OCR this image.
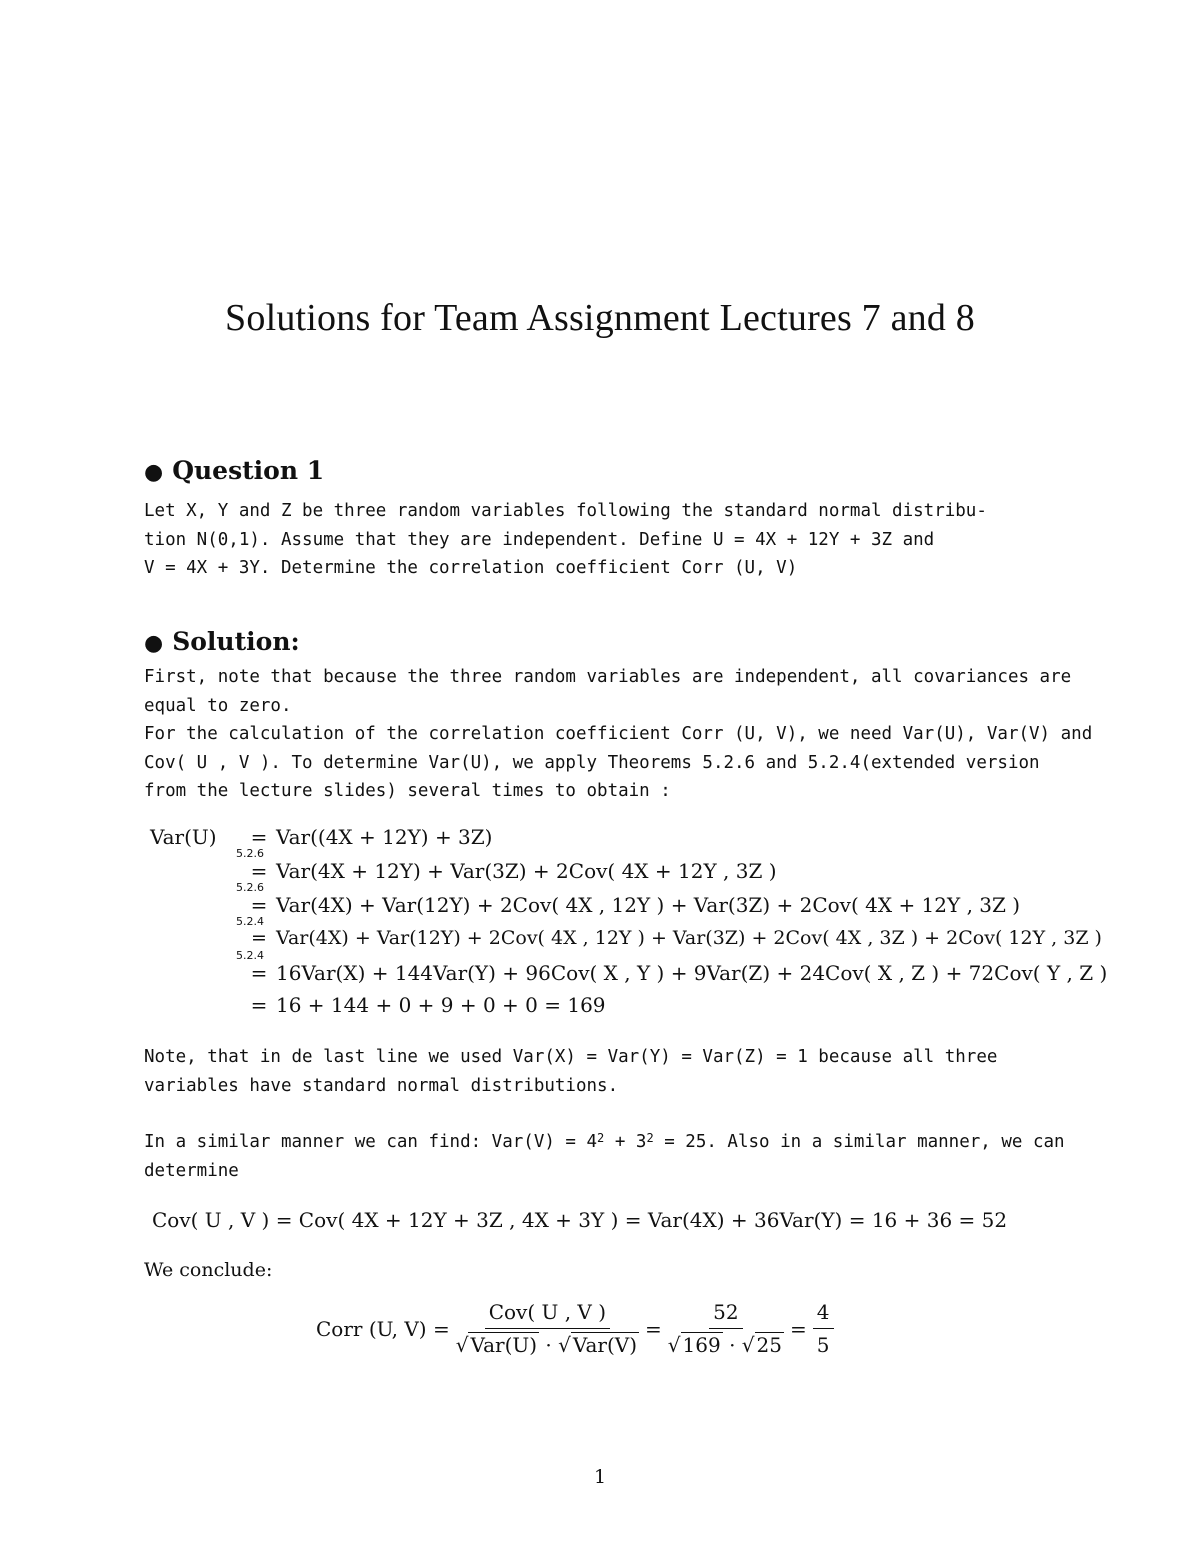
Solutions for Team Assignment Lectures 7 and 8
● Question 1

Let X, Y and Z be three random variables following the standard normal distribu-
tion N(0,1). Assume that they are independent. Define U = 4X + 12Y + 3Z and
V = 4X + 3Y. Determine the correlation coefficient Corr (U, V)

● Solution:

First, note that because the three random variables are independent, all covariances are
equal to zero.
For the calculation of the correlation coefficient Corr (U, V), we need Var(U), Var(V) and
Cov( U , V ). To determine Var(U), we apply Theorems 5.2.6 and 5.2.4(extended version
from the lecture slides) several times to obtain :

Var(U)	= Var((4X + 12Y) + 3Z)
5.2.6
= Var(4X + 12Y) + Var(3Z) + 2Cov( 4X + 12Y , 3Z )
5.2.6
= Var(4X) + Var(12Y) + 2Cov( 4X , 12Y ) + Var(3Z) + 2Cov( 4X + 12Y , 3Z )
5.2.4
= Var(4X) + Var(12Y) + 2Cov( 4X , 12Y ) + Var(3Z) + 2Cov( 4X , 3Z ) + 2Cov( 12Y , 3Z )
5.2.4
= 16Var(X) + 144Var(Y) + 96Cov( X , Y ) + 9Var(Z) + 24Cov( X , Z ) + 72Cov( Y , Z )
= 16 + 144 + 0 + 9 + 0 + 0 = 169

Note, that in de last line we used Var(X) = Var(Y) = Var(Z) = 1 because all three
variables have standard normal distributions.

In a similar manner we can find: $Var(V) = 4^2 + 3^2 = 25$. Also in a similar manner, we can
determine

Cov( U , V ) = Cov( 4X + 12Y + 3Z , 4X + 3Y ) = Var(4X) + 36Var(Y) = 16 + 36 = 52
We conclude:
Corr (U, $V) = \frac{\text{Cov( U , V )}}{\text{√ Var(U) · √ Var(V)}} = \frac{52}{√ 169 \cdot √ 25} = \frac{4}{5}$
1
